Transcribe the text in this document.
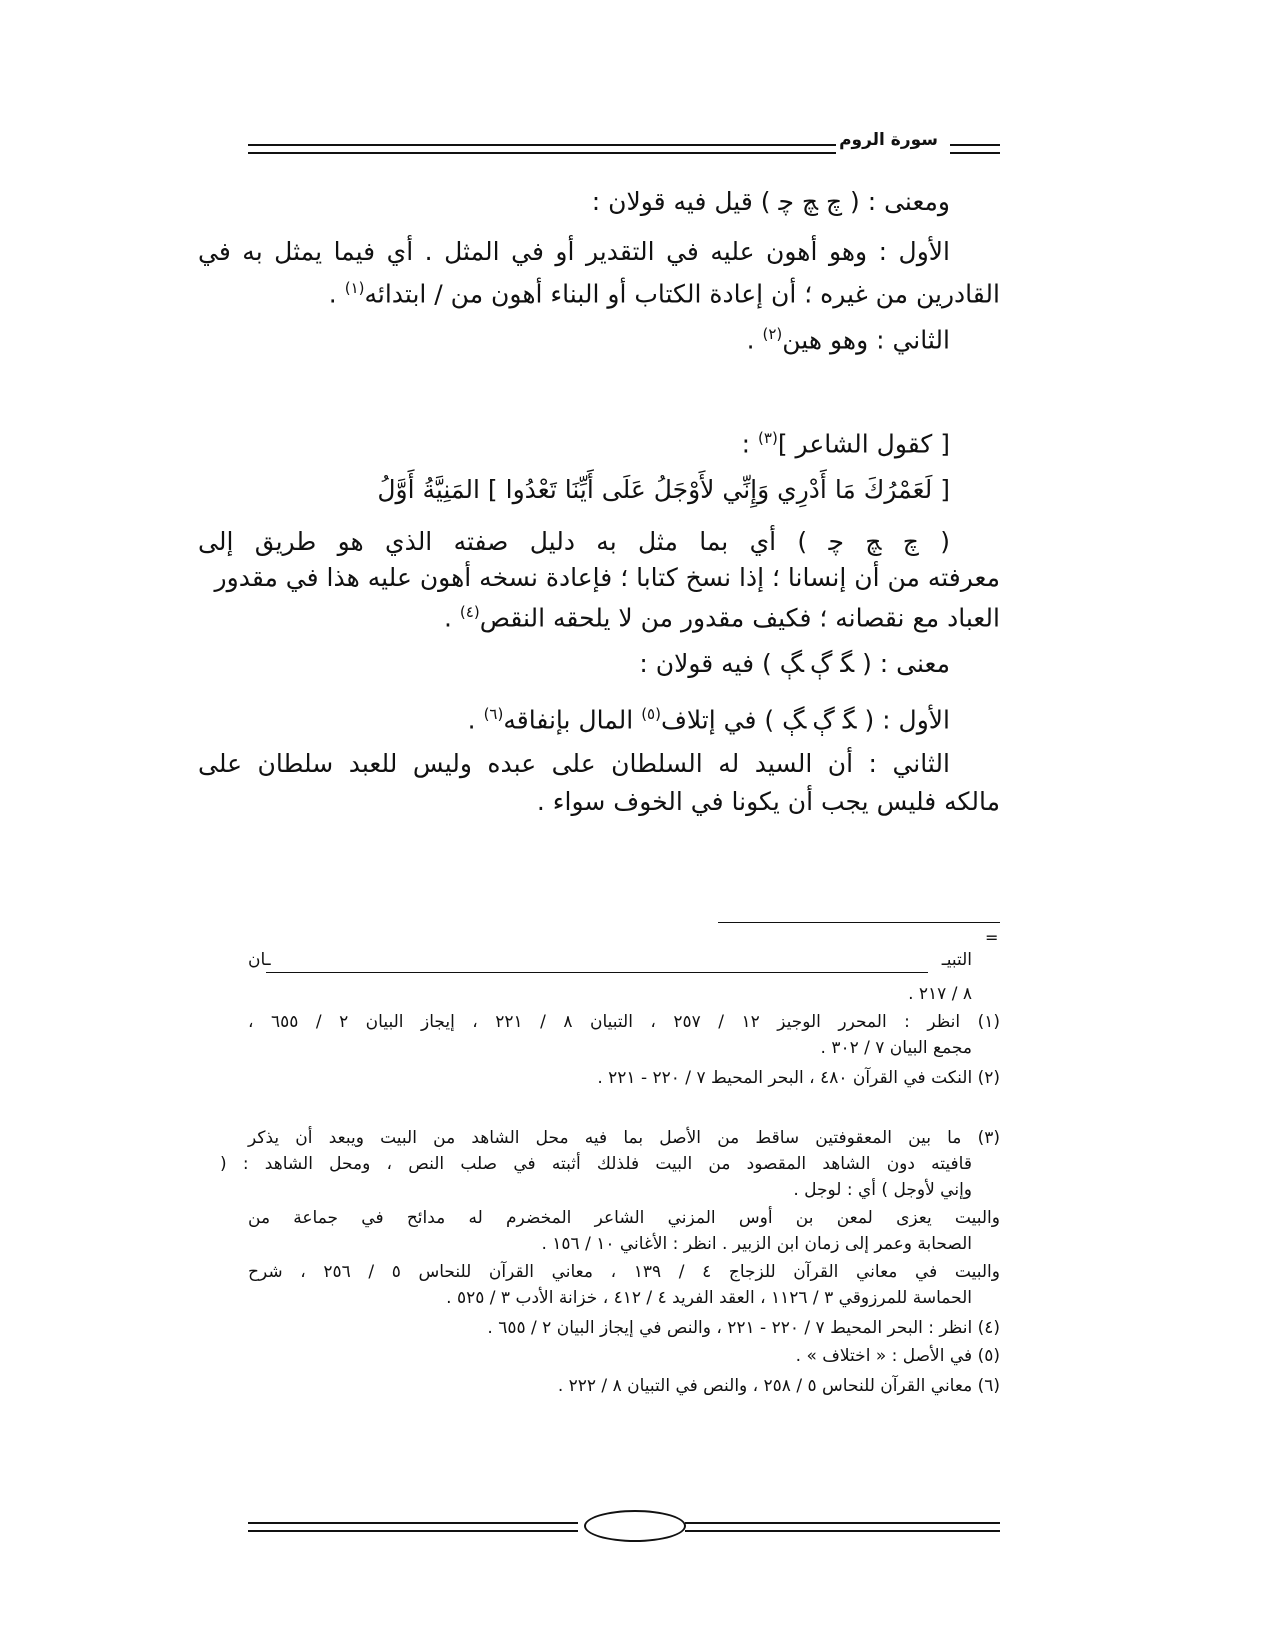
سورة الروم
ومعنى : ( ﭺ ﭻ ﭼ ) قيل فيه قولان :
الأول : وهو أهون عليه في التقدير أو في المثل . أي فيما يمثل به في
القادرين من غيره ؛ أن إعادة الكتاب أو البناء أهون من / ابتدائه$^{(١)}$ .
الثاني : وهو هين$^{(٢)}$ .
[ كقول الشاعر ]$^{(٣)}$ :
[ لَعَمْرُكَ مَا أَدْرِي وَإِنِّي لأَوْجَلُ عَلَى أَيِّنَا تَعْدُوا ] المَنِيَّةُ أَوَّلُ
( ﭺ ﭻ ﭼ ) أي بما مثل به دليل صفته الذي هو طريق إلى
معرفته من أن إنسانا ؛ إذا نسخ كتابا ؛ فإعادة نسخه أهون عليه هذا في مقدور
العباد مع نقصانه ؛ فكيف مقدور من لا يلحقه النقص$^{(٤)}$ .
معنى : ( ﮕ ﮖ ﮗ ) فيه قولان :
الأول : ( ﮕ ﮖ ﮗ ) في إتلاف$^{(٥)}$ المال بإنفاقه$^{(٦)}$ .
الثاني : أن السيد له السلطان على عبده وليس للعبد سلطان على
مالكه فليس يجب أن يكونا في الخوف سواء .
=
التبيـ
ـان
٨ / ٢١٧ .
(١) انظر : المحرر الوجيز ١٢ / ٢٥٧ ، التبيان ٨ / ٢٢١ ، إيجاز البيان ٢ / ٦٥٥ ،
مجمع البيان ٧ / ٣٠٢ .
(٢) النكت في القرآن ٤٨٠ ، البحر المحيط ٧ / ٢٢٠ - ٢٢١ .
(٣) ما بين المعقوفتين ساقط من الأصل بما فيه محل الشاهد من البيت ويبعد أن يذكر
قافيته دون الشاهد المقصود من البيت فلذلك أثبته في صلب النص ، ومحل الشاهد : (
وإني لأوجل ) أي : لوجل .
والبيت يعزى لمعن بن أوس المزني الشاعر المخضرم له مدائح في جماعة من
الصحابة وعمر إلى زمان ابن الزبير . انظر : الأغاني ١٠ / ١٥٦ .
والبيت في معاني القرآن للزجاج ٤ / ١٣٩ ، معاني القرآن للنحاس ٥ / ٢٥٦ ، شرح
الحماسة للمرزوقي ٣ / ١١٢٦ ، العقد الفريد ٤ / ٤١٢ ، خزانة الأدب ٣ / ٥٢٥ .
(٤) انظر : البحر المحيط ٧ / ٢٢٠ - ٢٢١ ، والنص في إيجاز البيان ٢ / ٦٥٥ .
(٥) في الأصل : « اختلاف » .
(٦) معاني القرآن للنحاس ٥ / ٢٥٨ ، والنص في التبيان ٨ / ٢٢٢ .
